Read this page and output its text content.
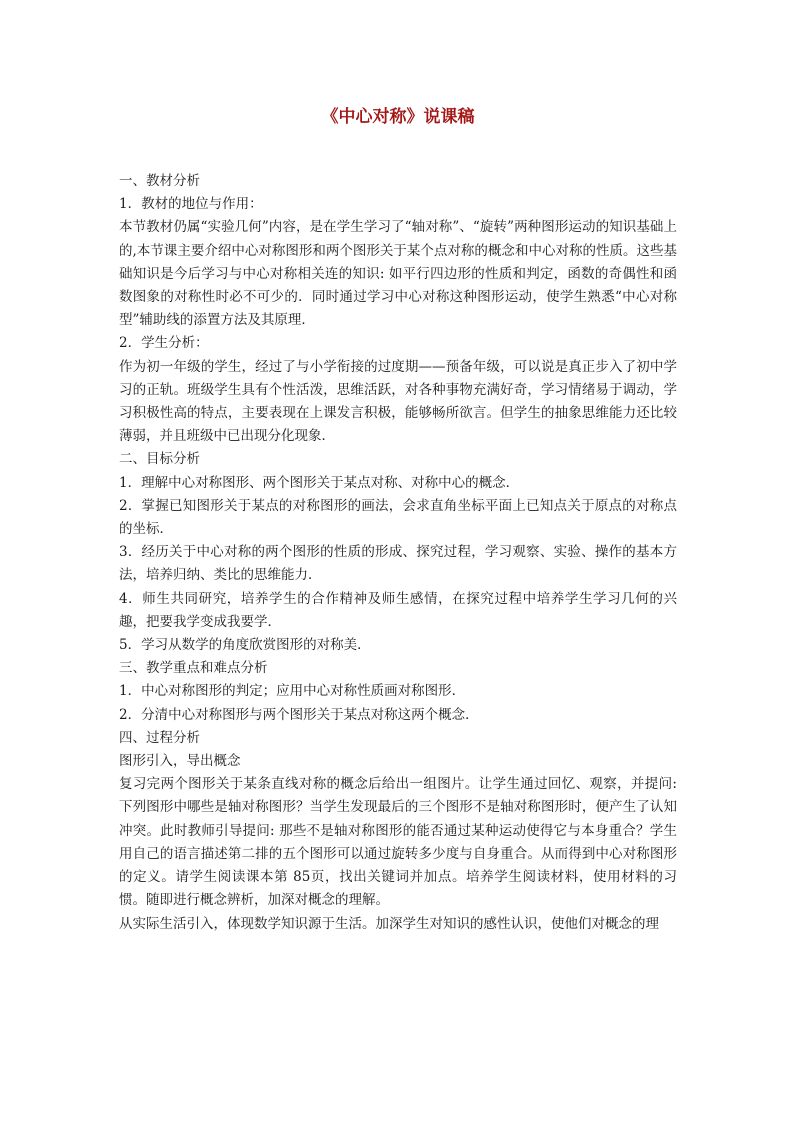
《中心对称》说课稿

一、教材分析

1．教材的地位与作用：

本节教材仍属“实验几何”内容，是在学生学习了“轴对称”、“旋转”两种图形运动的知识基础上的,本节课主要介绍中心对称图形和两个图形关于某个点对称的概念和中心对称的性质。这些基础知识是今后学习与中心对称相关连的知识: 如平行四边形的性质和判定，函数的奇偶性和函数图象的对称性时必不可少的．同时通过学习中心对称这种图形运动，使学生熟悉“中心对称型”辅助线的添置方法及其原理．

2．学生分析：

作为初一年级的学生，经过了与小学衔接的过度期——预备年级，可以说是真正步入了初中学习的正轨。班级学生具有个性活泼，思维活跃，对各种事物充满好奇，学习情绪易于调动，学习积极性高的特点，主要表现在上课发言积极，能够畅所欲言。但学生的抽象思维能力还比较薄弱，并且班级中已出现分化现象．

二、目标分析

1．理解中心对称图形、两个图形关于某点对称、对称中心的概念．

2．掌握已知图形关于某点的对称图形的画法，会求直角坐标平面上已知点关于原点的对称点的坐标．

3．经历关于中心对称的两个图形的性质的形成、探究过程，学习观察、实验、操作的基本方法，培养归纳、类比的思维能力．

4．师生共同研究，培养学生的合作精神及师生感情，在探究过程中培养学生学习几何的兴趣，把要我学变成我要学．

5．学习从数学的角度欣赏图形的对称美．

三、教学重点和难点分析

1．中心对称图形的判定；应用中心对称性质画对称图形．

2．分清中心对称图形与两个图形关于某点对称这两个概念．

四、过程分析

图形引入，导出概念

复习完两个图形关于某条直线对称的概念后给出一组图片。让学生通过回忆、观察，并提问: 下列图形中哪些是轴对称图形？当学生发现最后的三个图形不是轴对称图形时，便产生了认知冲突。此时教师引导提问: 那些不是轴对称图形的能否通过某种运动使得它与本身重合？学生用自己的语言描述第二排的五个图形可以通过旋转多少度与自身重合。从而得到中心对称图形的定义。请学生阅读课本第 85页，找出关键词并加点。培养学生阅读材料，使用材料的习惯。随即进行概念辨析，加深对概念的理解。

从实际生活引入，体现数学知识源于生活。加深学生对知识的感性认识，使他们对概念的理
